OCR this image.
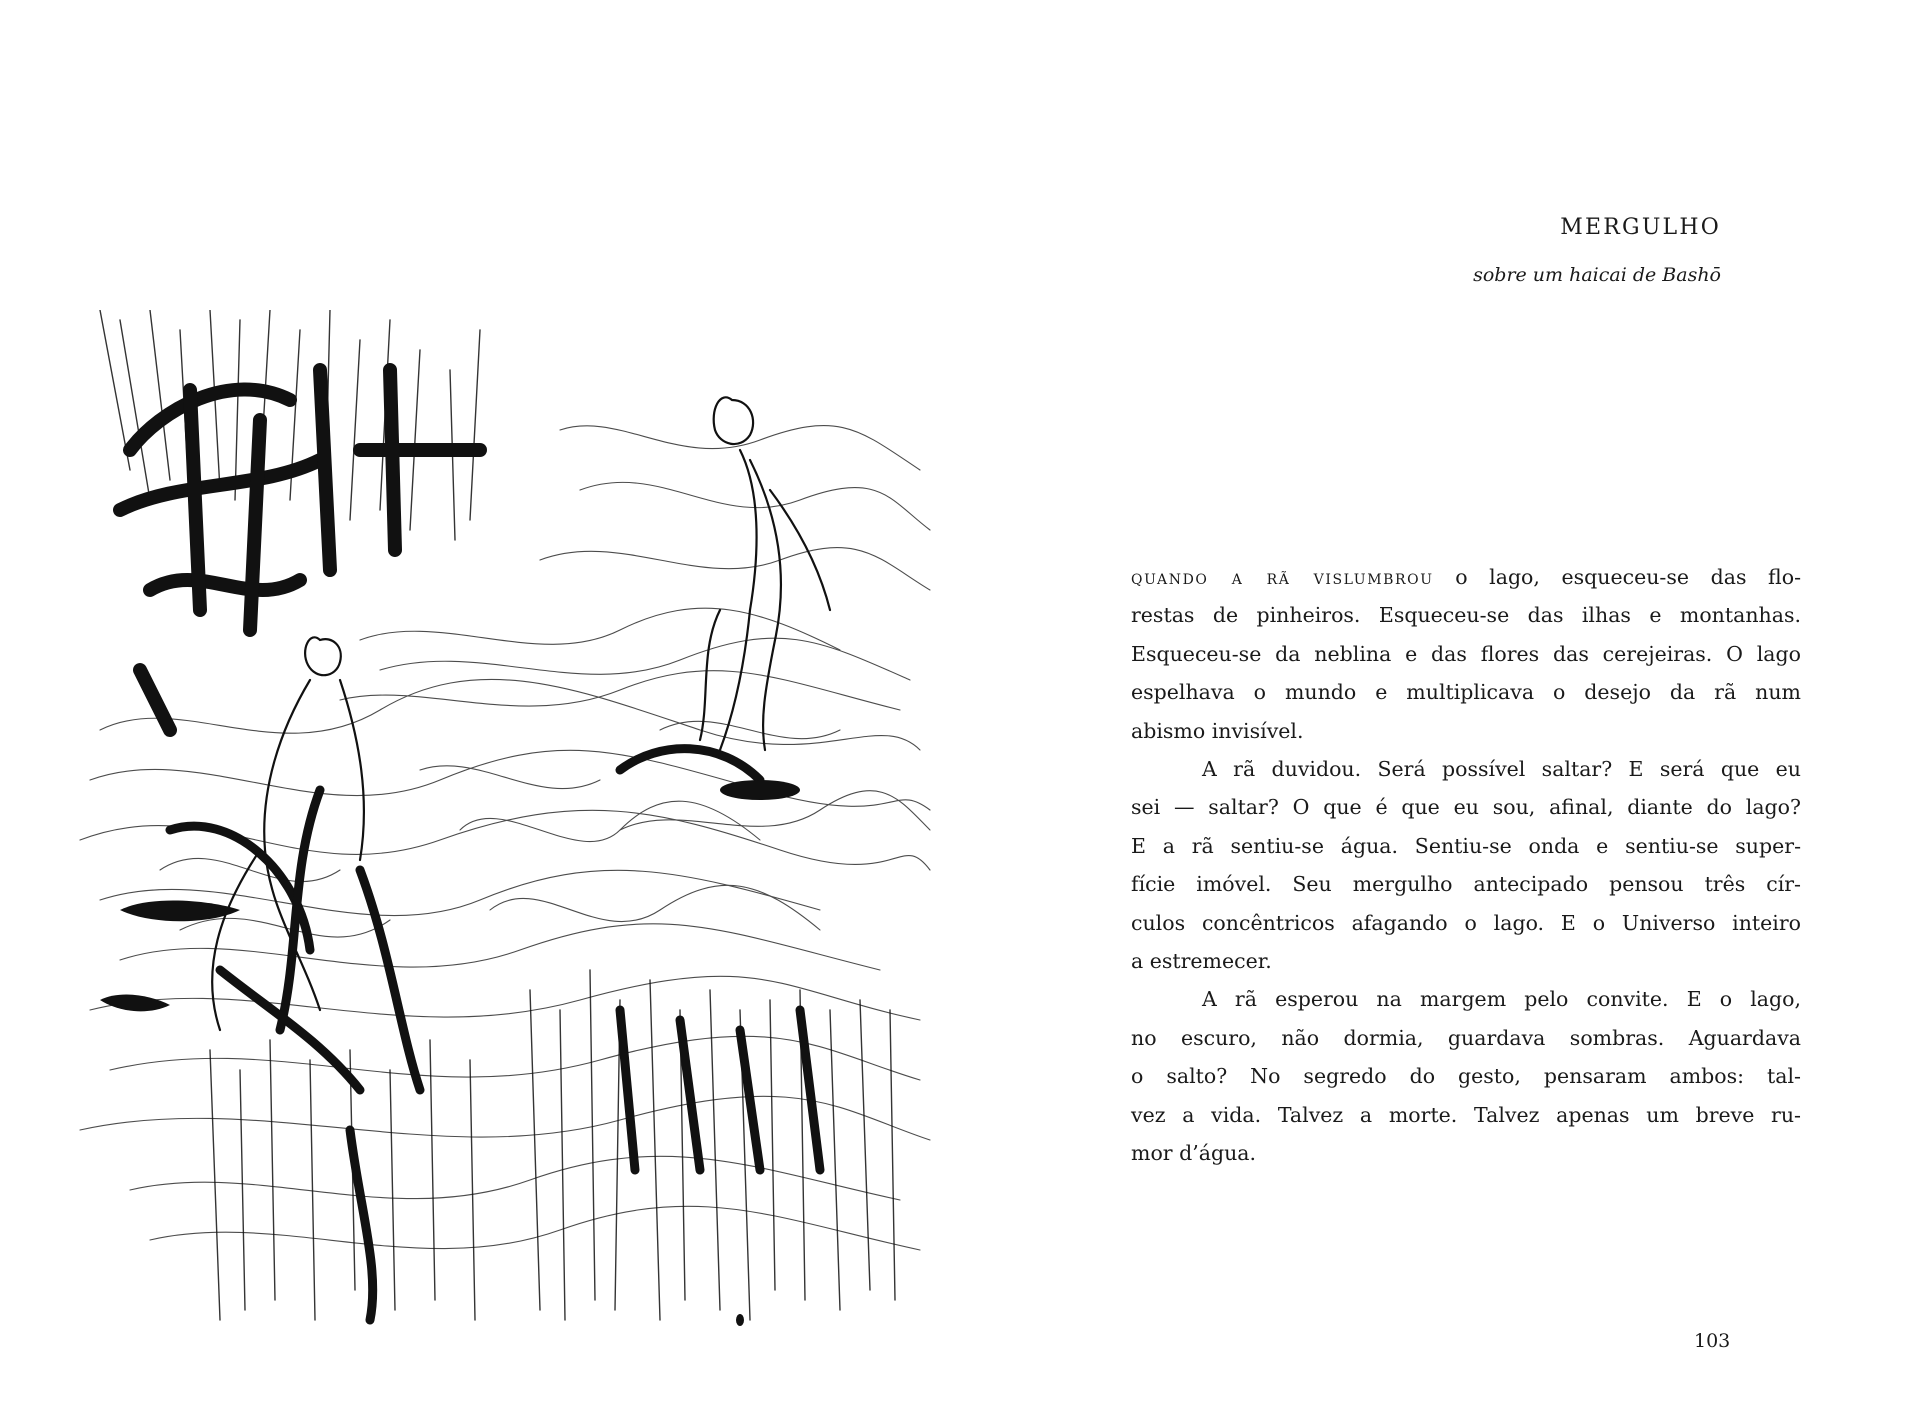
MERGULHO
sobre um haicai de Bashō
quando a rã vislumbrou o lago, esqueceu-se das flo-
restas de pinheiros. Esqueceu-se das ilhas e montanhas.
Esqueceu-se da neblina e das flores das cerejeiras. O lago
espelhava o mundo e multiplicava o desejo da rã num
abismo invisível.
A rã duvidou. Será possível saltar? E será que eu
sei — saltar? O que é que eu sou, afinal, diante do lago?
E a rã sentiu-se água. Sentiu-se onda e sentiu-se super-
fície imóvel. Seu mergulho antecipado pensou três cír-
culos concêntricos afagando o lago. E o Universo inteiro
a estremecer.
A rã esperou na margem pelo convite. E o lago,
no escuro, não dormia, guardava sombras. Aguardava
o salto? No segredo do gesto, pensaram ambos: tal-
vez a vida. Talvez a morte. Talvez apenas um breve ru-
mor d’água.
103
